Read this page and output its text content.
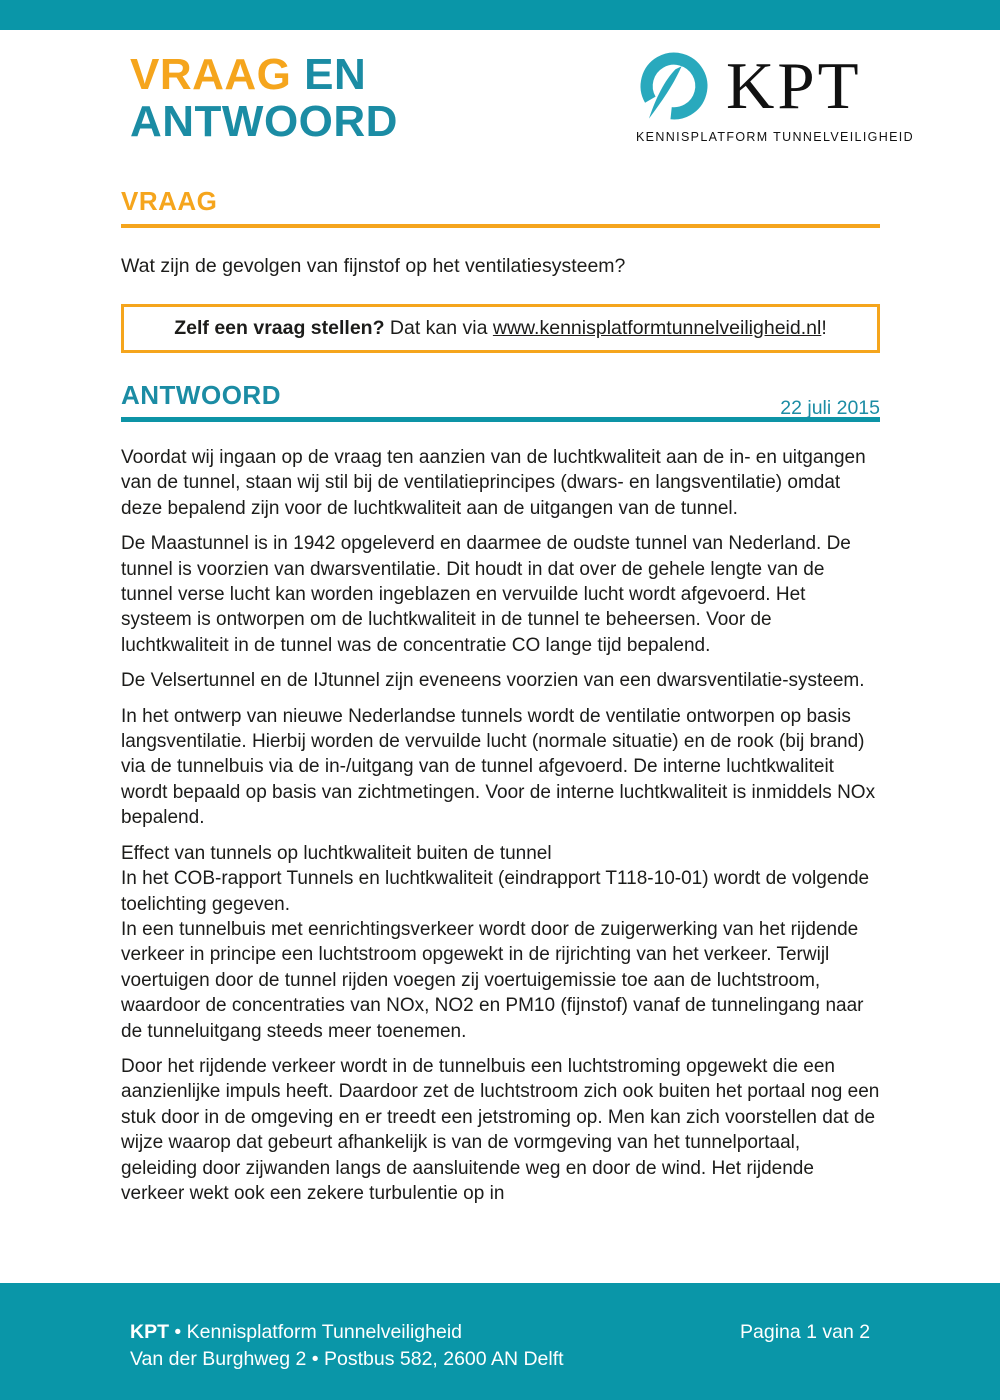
VRAAG EN
ANTWOORD	KPT
KENNISPLATFORM TUNNELVEILIGHEID
VRAAG
Wat zijn de gevolgen van fijnstof op het ventilatiesysteem?
Zelf een vraag stellen? Dat kan via www.kennisplatformtunnelveiligheid.nl!
ANTWOORD	22 juli 2015

Voordat wij ingaan op de vraag ten aanzien van de luchtkwaliteit aan de in- en uitgangen van de tunnel, staan wij stil bij de ventilatieprincipes (dwars- en langsventilatie) omdat deze bepalend zijn voor de luchtkwaliteit aan de uitgangen van de tunnel.

De Maastunnel is in 1942 opgeleverd en daarmee de oudste tunnel van Nederland. De tunnel is voorzien van dwarsventilatie. Dit houdt in dat over de gehele lengte van de tunnel verse lucht kan worden ingeblazen en vervuilde lucht wordt afgevoerd. Het systeem is ontworpen om de luchtkwaliteit in de tunnel te beheersen. Voor de luchtkwaliteit in de tunnel was de concentratie CO lange tijd bepalend.

De Velsertunnel en de IJtunnel zijn eveneens voorzien van een dwarsventilatie-systeem.

In het ontwerp van nieuwe Nederlandse tunnels wordt de ventilatie ontworpen op basis langsventilatie. Hierbij worden de vervuilde lucht (normale situatie) en de rook (bij brand) via de tunnelbuis via de in-/uitgang van de tunnel afgevoerd. De interne luchtkwaliteit wordt bepaald op basis van zichtmetingen. Voor de interne luchtkwaliteit is inmiddels NOx bepalend.

Effect van tunnels op luchtkwaliteit buiten de tunnel

In het COB-rapport Tunnels en luchtkwaliteit (eindrapport T118-10-01) wordt de volgende toelichting gegeven.

In een tunnelbuis met eenrichtingsverkeer wordt door de zuigerwerking van het rijdende verkeer in principe een luchtstroom opgewekt in de rijrichting van het verkeer. Terwijl voertuigen door de tunnel rijden voegen zij voertuigemissie toe aan de luchtstroom, waardoor de concentraties van NOx, NO2 en PM10 (fijnstof) vanaf de tunnelingang naar de tunneluitgang steeds meer toenemen.

Door het rijdende verkeer wordt in de tunnelbuis een luchtstroming opgewekt die een aanzienlijke impuls heeft. Daardoor zet de luchtstroom zich ook buiten het portaal nog een stuk door in de omgeving en er treedt een jetstroming op. Men kan zich voorstellen dat de wijze waarop dat gebeurt afhankelijk is van de vormgeving van het tunnelportaal, geleiding door zijwanden langs de aansluitende weg en door de wind. Het rijdende verkeer wekt ook een zekere turbulentie op in

KPT • Kennisplatform Tunnelveiligheid
Van der Burghweg 2 • Postbus 582, 2600 AN Delft
Pagina 1 van 2
